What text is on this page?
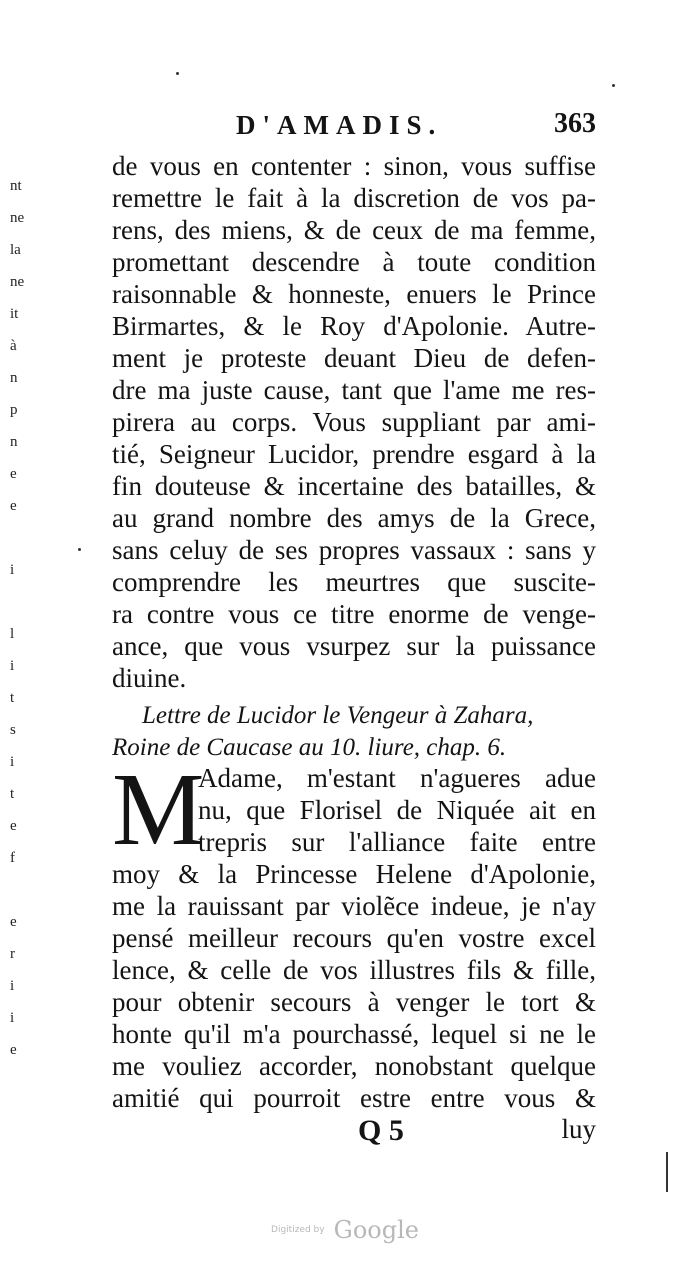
nt
ne
la
ne
it
à
n
p
n
e
e
i
l
i
t
s
i
t
e
f
e
r
i
i
e
D'AMADIS.	363
de vous en contenter : sinon, vous suffise
remettre le fait à la discretion de vos pa-
rens, des miens, & de ceux de ma femme,
promettant descendre à toute condition
raisonnable & honneste, enuers le Prince
Birmartes, & le Roy d'Apolonie. Autre-
ment je proteste deuant Dieu de defen-
dre ma juste cause, tant que l'ame me res-
pirera au corps. Vous suppliant par ami-
tié, Seigneur Lucidor, prendre esgard à la
fin douteuse & incertaine des batailles, &
au grand nombre des amys de la Grece,
sans celuy de ses propres vassaux : sans y
comprendre les meurtres que suscite-
ra contre vous ce titre enorme de venge-
ance, que vous vsurpez sur la puissance
diuine.
Lettre de Lucidor le Vengeur à Zahara,
Roine de Caucase au 10. liure, chap. 6.
M
Adame, m'estant n'agueres adue
nu, que Florisel de Niquée ait en
trepris sur l'alliance faite entre
moy & la Princesse Helene d'Apolonie,
me la rauissant par violẽce indeue, je n'ay
pensé meilleur recours qu'en vostre excel
lence, & celle de vos illustres fils & fille,
pour obtenir secours à venger le tort &
honte qu'il m'a pourchassé, lequel si ne le
me vouliez accorder, nonobstant quelque
amitié qui pourroit estre entre vous &
Q 5	luy
Digitized by Google
